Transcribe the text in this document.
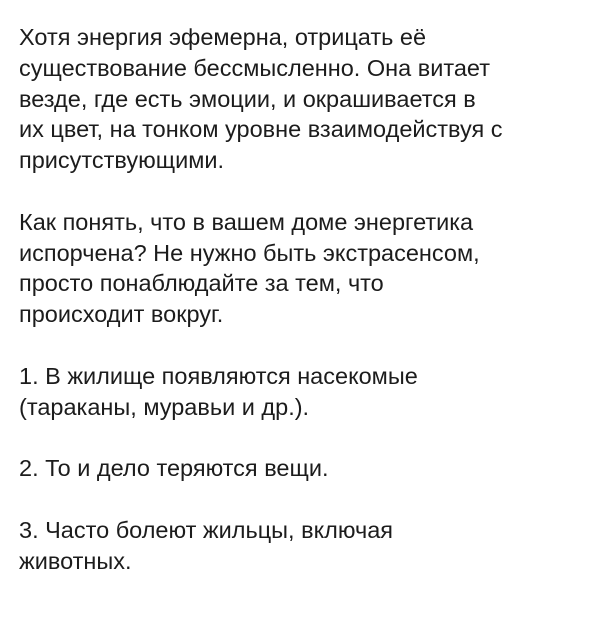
Хотя энергия эфемерна, отрицать её
существование бессмысленно. Она витает
везде, где есть эмоции, и окрашивается в
их цвет, на тонком уровне взаимодействуя с
присутствующими.

Как понять, что в вашем доме энергетика
испорчена? Не нужно быть экстрасенсом,
просто понаблюдайте за тем, что
происходит вокруг.

1. В жилище появляются насекомые
(тараканы, муравьи и др.).

2. То и дело теряются вещи.

3. Часто болеют жильцы, включая
животных.
